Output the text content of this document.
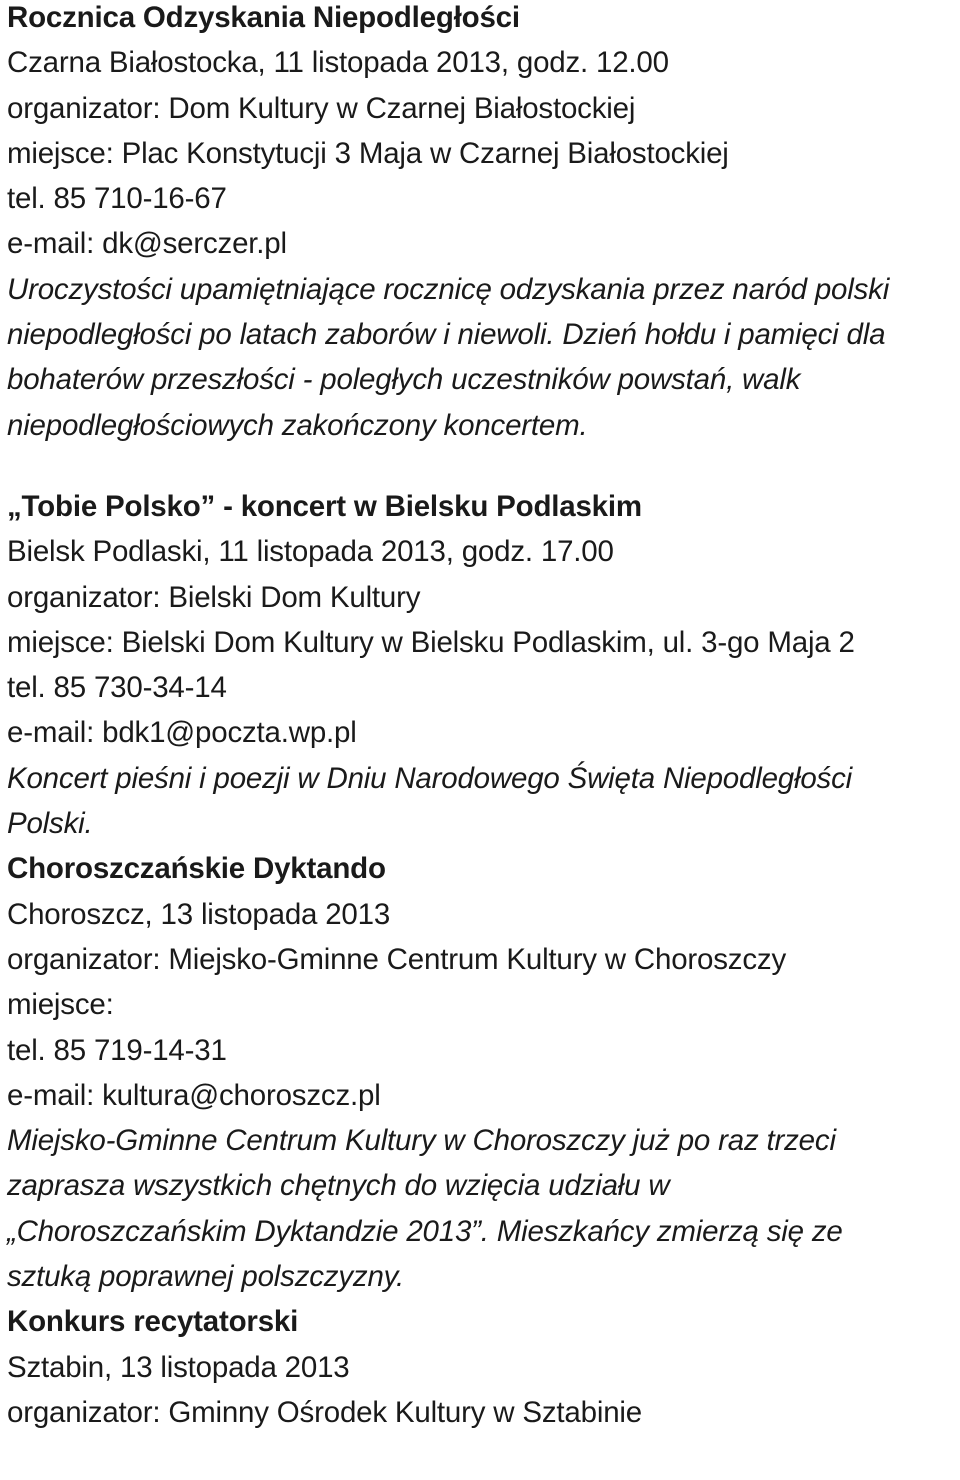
Rocznica Odzyskania Niepodległości
Czarna Białostocka, 11 listopada 2013, godz. 12.00
organizator: Dom Kultury w Czarnej Białostockiej
miejsce: Plac Konstytucji 3 Maja w Czarnej Białostockiej
tel. 85 710-16-67
e-mail: dk@serczer.pl
Uroczystości upamiętniające rocznicę odzyskania przez naród polski
niepodległości po latach zaborów i niewoli. Dzień hołdu i pamięci dla
bohaterów przeszłości - poległych uczestników powstań, walk
niepodległościowych zakończony koncertem.
„Tobie Polsko” - koncert w Bielsku Podlaskim
Bielsk Podlaski, 11 listopada 2013, godz. 17.00
organizator: Bielski Dom Kultury
miejsce: Bielski Dom Kultury w Bielsku Podlaskim, ul. 3-go Maja 2
tel. 85 730-34-14
e-mail: bdk1@poczta.wp.pl
Koncert pieśni i poezji w Dniu Narodowego Święta Niepodległości
Polski.
Choroszczańskie Dyktando
Choroszcz, 13 listopada 2013
organizator: Miejsko-Gminne Centrum Kultury w Choroszczy
miejsce:
tel. 85 719-14-31
e-mail: kultura@choroszcz.pl
Miejsko-Gminne Centrum Kultury w Choroszczy już po raz trzeci
zaprasza wszystkich chętnych do wzięcia udziału w
„Choroszczańskim Dyktandzie 2013”. Mieszkańcy zmierzą się ze
sztuką poprawnej polszczyzny.
Konkurs recytatorski
Sztabin, 13 listopada 2013
organizator: Gminny Ośrodek Kultury w Sztabinie
